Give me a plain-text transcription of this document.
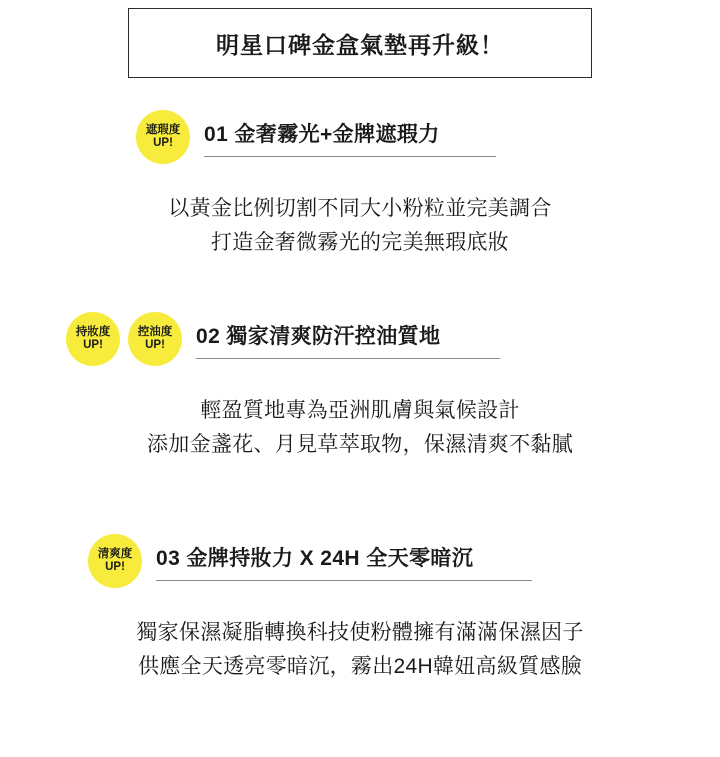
明星口碑金盒氣墊再升級！
遮瑕度
UP! 01 金奢霧光+金牌遮瑕力
以黃金比例切割不同大小粉粒並完美調合
打造金奢微霧光的完美無瑕底妝
持妝度
UP!
控油度
UP! 02 獨家清爽防汗控油質地
輕盈質地專為亞洲肌膚與氣候設計
添加金盞花、月見草萃取物，保濕清爽不黏膩
清爽度
UP! 03 金牌持妝力 X 24H 全天零暗沉
獨家保濕凝脂轉換科技使粉體擁有滿滿保濕因子
供應全天透亮零暗沉，霧出24H韓妞高級質感臉
